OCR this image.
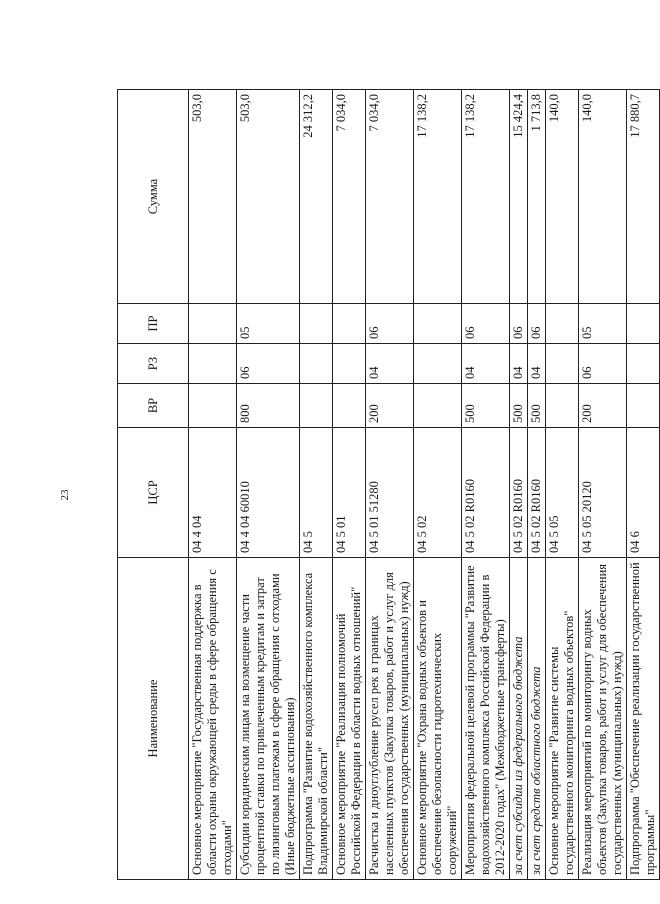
23
Наименование	ЦСР	ВР	РЗ	ПР	Сумма
Основное мероприятие "Государственная поддержка в области охраны окружающей среды в сфере обращения с отходами"	04 4 04				503,0
Субсидии юридическим лицам на возмещение части процентной ставки по привлеченным кредитам и затрат по лизинговым платежам в сфере обращения с отходами (Иные бюджетные ассигнования)	04 4 04 60010	800	06	05	503,0
Подпрограмма "Развитие водохозяйственного комплекса Владимирской области"	04 5				24 312,2
Основное мероприятие "Реализация полномочий Российской Федерации в области водных отношений"	04 5 01				7 034,0
Расчистка и дноуглубление русел рек в границах населенных пунктов (Закупка товаров, работ и услуг для обеспечения государственных (муниципальных) нужд)	04 5 01 51280	200	04	06	7 034,0
Основное мероприятие "Охрана водных объектов и обеспечение безопасности гидротехнических сооружений"	04 5 02				17 138,2
Мероприятия федеральной целевой программы "Развитие водохозяйственного комплекса Российской Федерации в 2012-2020 годах" (Межбюджетные трансферты)	04 5 02 R0160	500	04	06	17 138,2
за счет субсидии из федерального бюджета	04 5 02 R0160	500	04	06	15 424,4
за счет средств областного бюджета	04 5 02 R0160	500	04	06	1 713,8
Основное мероприятие "Развитие системы государственного мониторинга водных объектов"	04 5 05				140,0
Реализация мероприятий по мониторингу водных объектов (Закупка товаров, работ и услуг для обеспечения государственных (муниципальных) нужд)	04 5 05 20120	200	06	05	140,0
Подпрограмма "Обеспечение реализации государственной программы"	04 6				17 880,7
